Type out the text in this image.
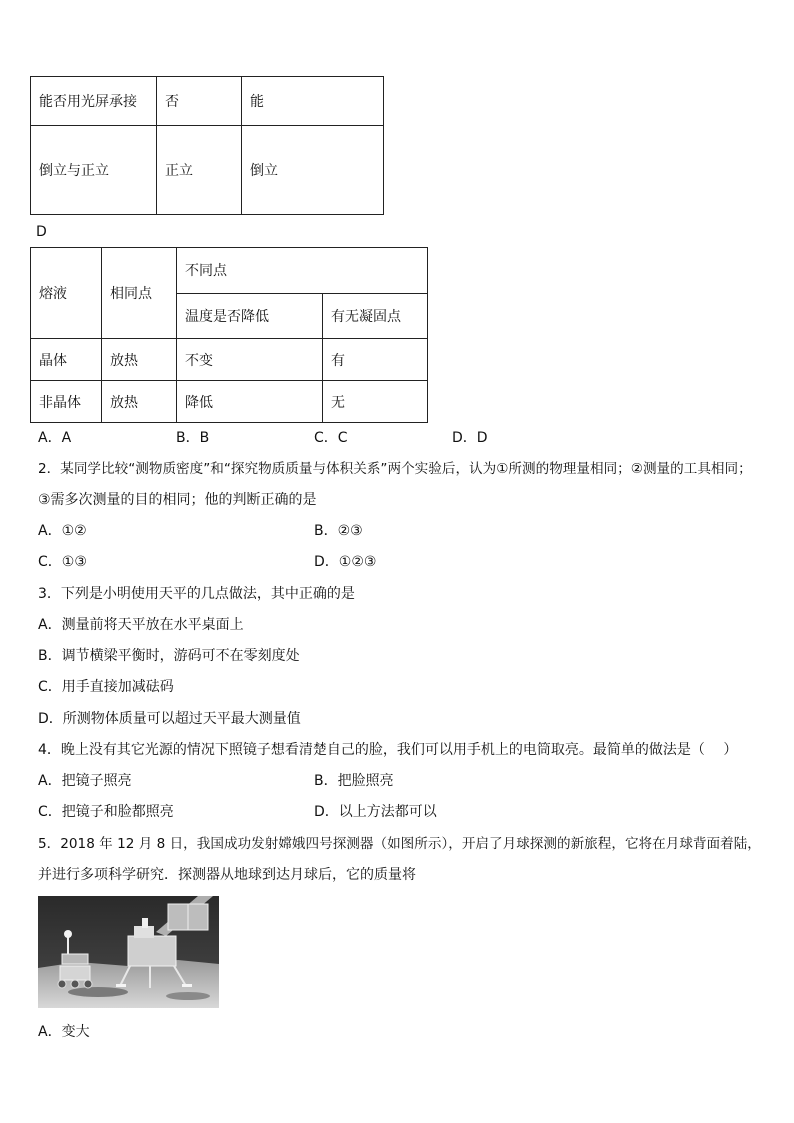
能否用光屏承接	否	能
倒立与正立	正立	倒立
D
熔液	相同点	不同点	
		温度是否降低	有无凝固点
晶体	放热	不变	有
非晶体	放热	降低	无
A．A	B．B	C．C	D．D
2．某同学比较“测物质密度”和“探究物质质量与体积关系”两个实验后，认为①所测的物理量相同；②测量的工具相同；
③需多次测量的目的相同；他的判断正确的是
A．①②	B．②③
C．①③	D．①②③
3．下列是小明使用天平的几点做法，其中正确的是
A．测量前将天平放在水平桌面上
B．调节横梁平衡时，游码可不在零刻度处
C．用手直接加减砝码
D．所测物体质量可以超过天平最大测量值
4．晚上没有其它光源的情况下照镜子想看清楚自己的脸，我们可以用手机上的电筒取亮。最简单的做法是（　 ）
A．把镜子照亮	B．把脸照亮
C．把镜子和脸都照亮	D．以上方法都可以
5．2018 年 12 月 8 日，我国成功发射嫦娥四号探测器（如图所示），开启了月球探测的新旅程，它将在月球背面着陆，
并进行多项科学研究．探测器从地球到达月球后，它的质量将
A．变大
